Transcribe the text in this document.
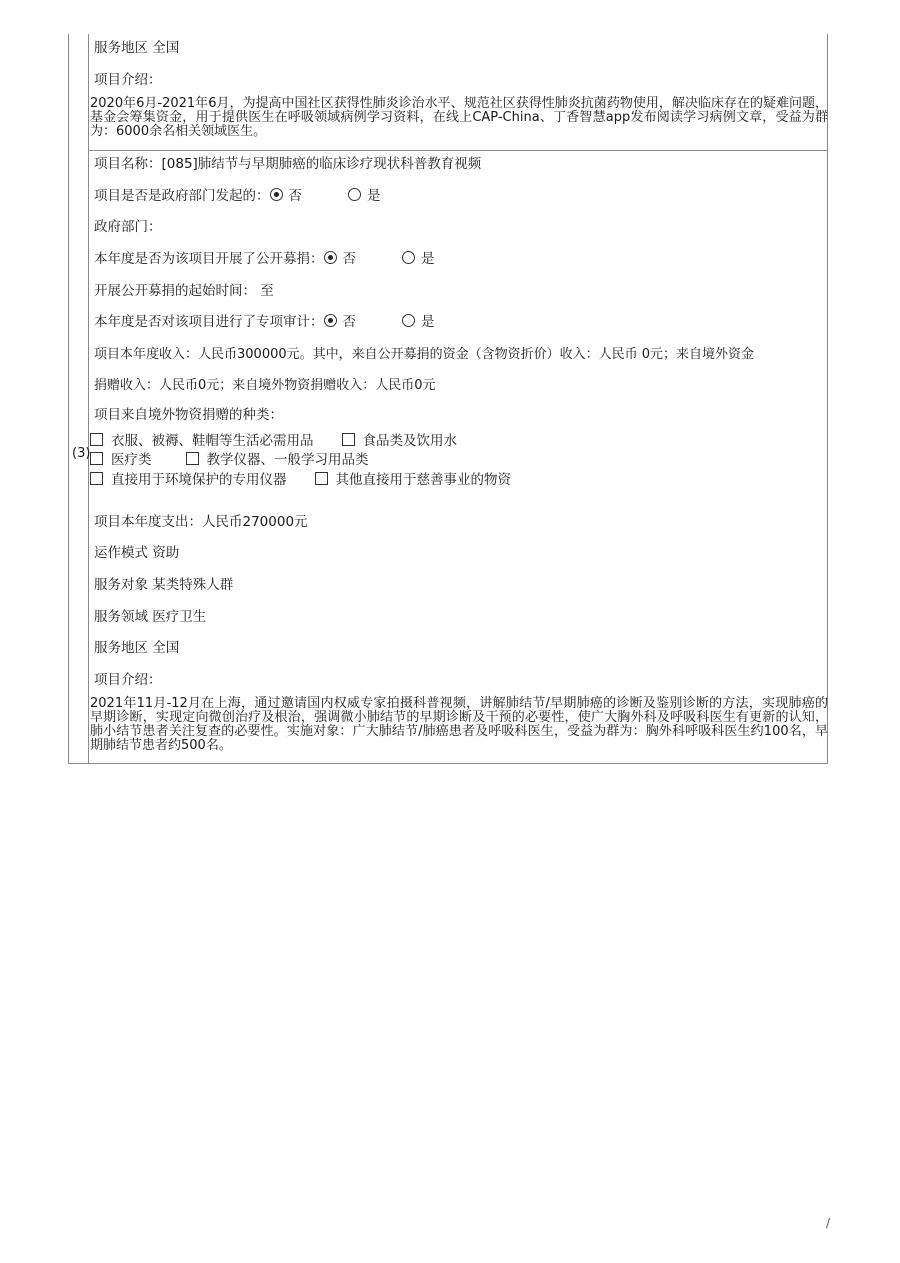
服务地区 全国

项目介绍：

2020年6月-2021年6月，为提高中国社区获得性肺炎诊治水平、规范社区获得性肺炎抗菌药物使用，解决临床存在的疑难问题，基金会筹集资金，用于提供医生在呼吸领域病例学习资料，在线上CAP-China、丁香智慧app发布阅读学习病例文章，受益为群为：6000余名相关领域医生。

(3)

项目名称：[085]肺结节与早期肺癌的临床诊疗现状科普教育视频

项目是否是政府部门发起的： 否	是

政府部门：

本年度是否为该项目开展了公开募捐： 否	是

开展公开募捐的起始时间： 至

本年度是否对该项目进行了专项审计： 否	是

项目本年度收入：人民币300000元。其中，来自公开募捐的资金（含物资折价）收入：人民币 0元；来自境外资金

捐赠收入：人民币0元；来自境外物资捐赠收入：人民币0元

项目来自境外物资捐赠的种类：

衣服、被褥、鞋帽等生活必需用品	食品类及饮用水

医疗类	教学仪器、一般学习用品类

直接用于环境保护的专用仪器	其他直接用于慈善事业的物资

项目本年度支出：人民币270000元

运作模式 资助

服务对象 某类特殊人群

服务领域 医疗卫生

服务地区 全国

项目介绍：

2021年11月-12月在上海，通过邀请国内权威专家拍摄科普视频，讲解肺结节/早期肺癌的诊断及鉴别诊断的方法，实现肺癌的早期诊断，实现定向微创治疗及根治，强调微小肺结节的早期诊断及干预的必要性，使广大胸外科及呼吸科医生有更新的认知，肺小结节患者关注复查的必要性。实施对象：广大肺结节/肺癌患者及呼吸科医生，受益为群为：胸外科呼吸科医生约100名，早期肺结节患者约500名。

/
